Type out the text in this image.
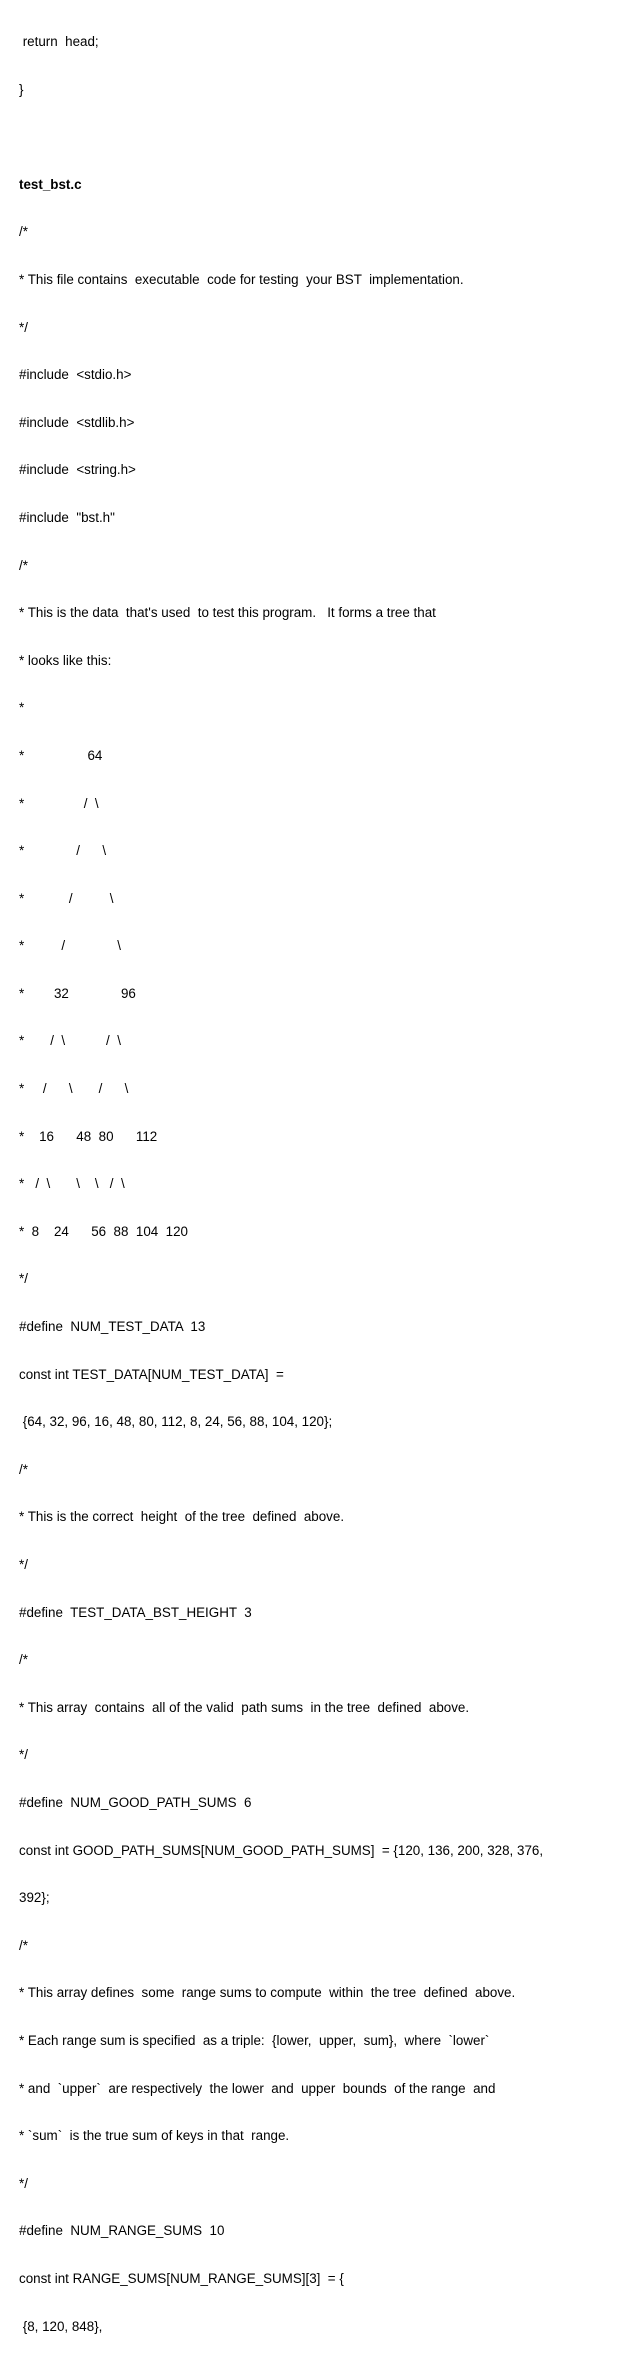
return  head;

}

test_bst.c

/*

* This file contains  executable  code for testing  your BST  implementation.

*/

#include  <stdio.h>

#include  <stdlib.h>

#include  <string.h>

#include  "bst.h"

/*

* This is the data  that's used  to test this program.   It forms a tree that

* looks like this:

*

*                 64

*                /  \

*              /      \

*            /          \

*          /              \

*        32              96

*       /  \           /  \

*     /      \       /      \

*    16      48  80      112

*   /  \       \    \   /  \

*  8    24      56  88  104  120

*/

#define  NUM_TEST_DATA  13

const int TEST_DATA[NUM_TEST_DATA]  =

{64, 32, 96, 16, 48, 80, 112, 8, 24, 56, 88, 104, 120};

/*

* This is the correct  height  of the tree  defined  above.

*/

#define  TEST_DATA_BST_HEIGHT  3

/*

* This array  contains  all of the valid  path sums  in the tree  defined  above.

*/

#define  NUM_GOOD_PATH_SUMS  6

const int GOOD_PATH_SUMS[NUM_GOOD_PATH_SUMS]  = {120, 136, 200, 328, 376,

392};

/*

* This array defines  some  range sums to compute  within  the tree  defined  above.

* Each range sum is specified  as a triple:  {lower,  upper,  sum},  where  `lower`

* and  `upper`  are respectively  the lower  and  upper  bounds  of the range  and

* `sum`  is the true sum of keys in that  range.

*/

#define  NUM_RANGE_SUMS  10

const int RANGE_SUMS[NUM_RANGE_SUMS][3]  = {

{8, 120, 848},
